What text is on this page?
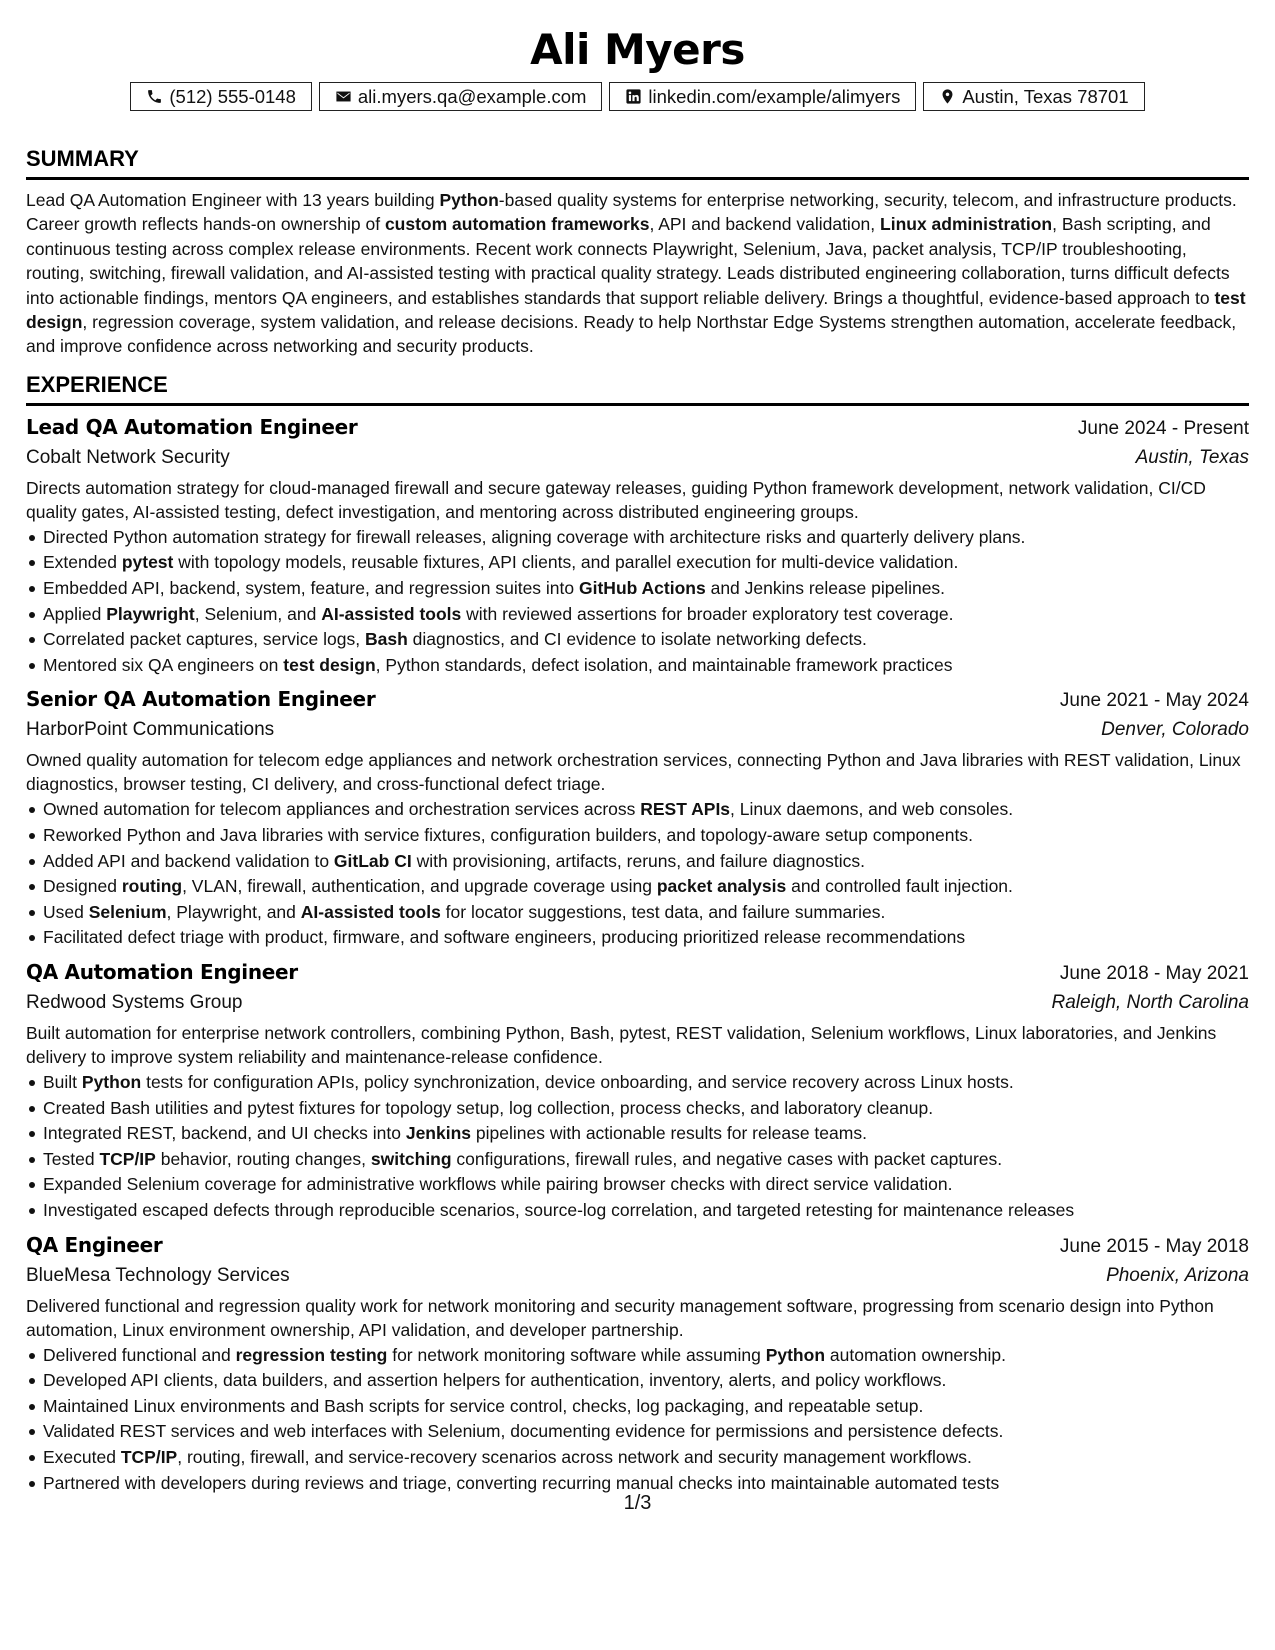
Ali Myers
(512) 555-0148	ali.myers.qa@example.com	linkedin.com/example/alimyers	Austin, Texas 78701
SUMMARY
Lead QA Automation Engineer with 13 years building Python-based quality systems for enterprise networking, security, telecom, and infrastructure products. Career growth reflects hands-on ownership of custom automation frameworks, API and backend validation, Linux administration, Bash scripting, and continuous testing across complex release environments. Recent work connects Playwright, Selenium, Java, packet analysis, TCP/IP troubleshooting, routing, switching, firewall validation, and AI-assisted testing with practical quality strategy. Leads distributed engineering collaboration, turns difficult defects into actionable findings, mentors QA engineers, and establishes standards that support reliable delivery. Brings a thoughtful, evidence-based approach to test design, regression coverage, system validation, and release decisions. Ready to help Northstar Edge Systems strengthen automation, accelerate feedback, and improve confidence across networking and security products.
EXPERIENCE
Lead QA Automation Engineer	June 2024 - Present
Cobalt Network Security	Austin, Texas
Directs automation strategy for cloud-managed firewall and secure gateway releases, guiding Python framework development, network validation, CI/CD quality gates, AI-assisted testing, defect investigation, and mentoring across distributed engineering groups.
Directed Python automation strategy for firewall releases, aligning coverage with architecture risks and quarterly delivery plans.
Extended pytest with topology models, reusable fixtures, API clients, and parallel execution for multi-device validation.
Embedded API, backend, system, feature, and regression suites into GitHub Actions and Jenkins release pipelines.
Applied Playwright, Selenium, and AI-assisted tools with reviewed assertions for broader exploratory test coverage.
Correlated packet captures, service logs, Bash diagnostics, and CI evidence to isolate networking defects.
Mentored six QA engineers on test design, Python standards, defect isolation, and maintainable framework practices
Senior QA Automation Engineer	June 2021 - May 2024
HarborPoint Communications	Denver, Colorado
Owned quality automation for telecom edge appliances and network orchestration services, connecting Python and Java libraries with REST validation, Linux diagnostics, browser testing, CI delivery, and cross-functional defect triage.
Owned automation for telecom appliances and orchestration services across REST APIs, Linux daemons, and web consoles.
Reworked Python and Java libraries with service fixtures, configuration builders, and topology-aware setup components.
Added API and backend validation to GitLab CI with provisioning, artifacts, reruns, and failure diagnostics.
Designed routing, VLAN, firewall, authentication, and upgrade coverage using packet analysis and controlled fault injection.
Used Selenium, Playwright, and AI-assisted tools for locator suggestions, test data, and failure summaries.
Facilitated defect triage with product, firmware, and software engineers, producing prioritized release recommendations
QA Automation Engineer	June 2018 - May 2021
Redwood Systems Group	Raleigh, North Carolina
Built automation for enterprise network controllers, combining Python, Bash, pytest, REST validation, Selenium workflows, Linux laboratories, and Jenkins delivery to improve system reliability and maintenance-release confidence.
Built Python tests for configuration APIs, policy synchronization, device onboarding, and service recovery across Linux hosts.
Created Bash utilities and pytest fixtures for topology setup, log collection, process checks, and laboratory cleanup.
Integrated REST, backend, and UI checks into Jenkins pipelines with actionable results for release teams.
Tested TCP/IP behavior, routing changes, switching configurations, firewall rules, and negative cases with packet captures.
Expanded Selenium coverage for administrative workflows while pairing browser checks with direct service validation.
Investigated escaped defects through reproducible scenarios, source-log correlation, and targeted retesting for maintenance releases
QA Engineer	June 2015 - May 2018
BlueMesa Technology Services	Phoenix, Arizona
Delivered functional and regression quality work for network monitoring and security management software, progressing from scenario design into Python automation, Linux environment ownership, API validation, and developer partnership.
Delivered functional and regression testing for network monitoring software while assuming Python automation ownership.
Developed API clients, data builders, and assertion helpers for authentication, inventory, alerts, and policy workflows.
Maintained Linux environments and Bash scripts for service control, checks, log packaging, and repeatable setup.
Validated REST services and web interfaces with Selenium, documenting evidence for permissions and persistence defects.
Executed TCP/IP, routing, firewall, and service-recovery scenarios across network and security management workflows.
Partnered with developers during reviews and triage, converting recurring manual checks into maintainable automated tests
1/3
